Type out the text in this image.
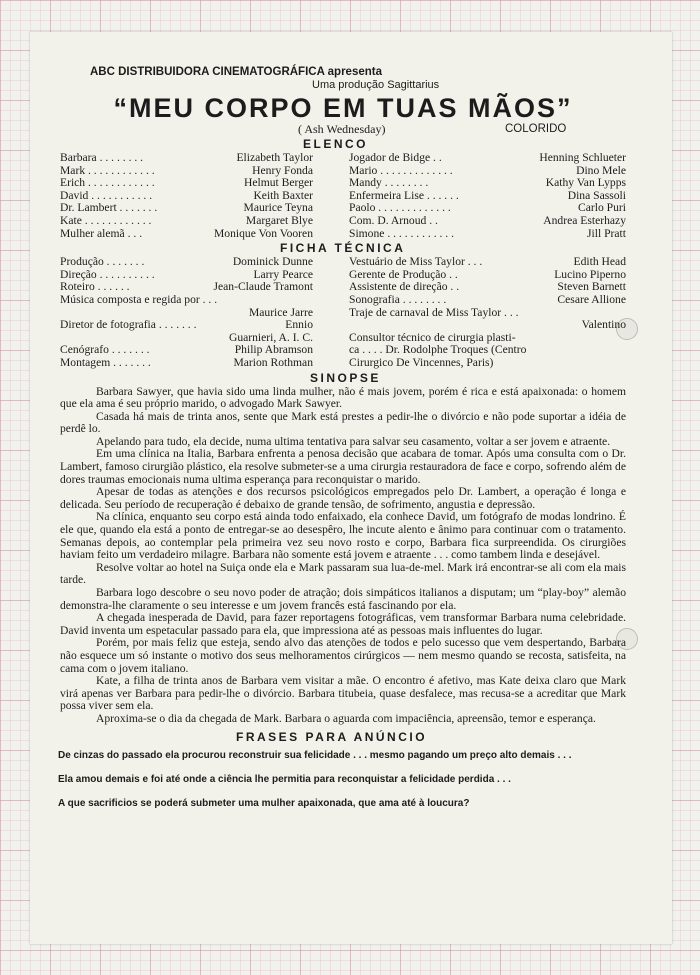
ABC DISTRIBUIDORA CINEMATOGRÁFICA apresenta
Uma produção Sagittarius
“MEU CORPO EM TUAS MÃOS”
( Ash Wednesday)	COLORIDO
ELENCO
Barbara . . . . . . . .	Elizabeth Taylor
Mark . . . . . . . . . . . .	Henry Fonda
Erich . . . . . . . . . . . .	Helmut Berger
David . . . . . . . . . . .	Keith Baxter
Dr. Lambert . . . . . . .	Maurice Teyna
Kate . . . . . . . . . . . .	Margaret Blye
Mulher alemã . . .	Monique Von Vooren
Jogador de Bidge . .	Henning Schlueter
Mario . . . . . . . . . . . . .	Dino Mele
Mandy . . . . . . . .	Kathy Van Lypps
Enfermeira Lise . . . . . .	Dina Sassoli
Paolo . . . . . . . . . . . . .	Carlo Puri
Com. D. Arnoud . .	Andrea Esterhazy
Simone . . . . . . . . . . . .	Jill Pratt
FICHA TÉCNICA
Produção . . . . . . .	Dominick Dunne
Direção . . . . . . . . . .	Larry Pearce
Roteiro . . . . . .	Jean-Claude Tramont
Música composta e regida por . . .
Maurice Jarre
Diretor de fotografia . . . . . . .	Ennio
Guarnieri, A. I. C.
Cenógrafo . . . . . . .	Philip Abramson
Montagem . . . . . . .	Marion Rothman
Vestuário de Miss Taylor . . .	Edith Head
Gerente de Produção . .	Lucino Piperno
Assistente de direção . .	Steven Barnett
Sonografia . . . . . . . .	Cesare Allione
Traje de carnaval de Miss Taylor . . .
Valentino
Consultor técnico de cirurgia plasti-
ca . . . . Dr. Rodolphe Troques (Centro
Cirurgico De Vincennes, Paris)
SINOPSE

Barbara Sawyer, que havia sido uma linda mulher, não é mais jovem, porém é rica e está apaixonada: o homem que ela ama é seu próprio marido, o advogado Mark Sawyer.

Casada há mais de trinta anos, sente que Mark está prestes a pedir-lhe o divórcio e não pode suportar a idéia de perdê lo.

Apelando para tudo, ela decide, numa ultima tentativa para salvar seu casamento, voltar a ser jovem e atraente.

Em uma clínica na Italia, Barbara enfrenta a penosa decisão que acabara de tomar. Após uma consulta com o Dr. Lambert, famoso cirurgião plástico, ela resolve submeter-se a uma cirurgia restauradora de face e corpo, sofrendo além de dores traumas emocionais numa ultima esperança para reconquistar o marido.

Apesar de todas as atenções e dos recursos psicológicos empregados pelo Dr. Lambert, a operação é longa e delicada. Seu período de recuperação é debaixo de grande tensão, de sofrimento, angustia e depressão.

Na clínica, enquanto seu corpo está ainda todo enfaixado, ela conhece David, um fotógrafo de modas londrino. É ele que, quando ela está a ponto de entregar-se ao desespêro, lhe incute alento e ânimo para continuar com o tratamento. Semanas depois, ao contemplar pela primeira vez seu novo rosto e corpo, Barbara fica surpreendida. Os cirurgiões haviam feito um verdadeiro milagre. Barbara não somente está jovem e atraente . . . como tambem linda e desejável.

Resolve voltar ao hotel na Suiça onde ela e Mark passaram sua lua-de-mel. Mark irá encontrar-se ali com ela mais tarde.

Barbara logo descobre o seu novo poder de atração; dois simpáticos italianos a disputam; um “play-boy” alemão demonstra-lhe claramente o seu interesse e um jovem francês está fascinando por ela.

A chegada inesperada de David, para fazer reportagens fotográficas, vem transformar Barbara numa celebridade. David inventa um espetacular passado para ela, que impressiona até as pessoas mais influentes do lugar.

Porém, por mais feliz que esteja, sendo alvo das atenções de todos e pelo sucesso que vem despertando, Barbara não esquece um só instante o motivo dos seus melhoramentos cirúrgicos — nem mesmo quando se recosta, satisfeita, na cama com o jovem italiano.

Kate, a filha de trinta anos de Barbara vem visitar a mãe. O encontro é afetivo, mas Kate deixa claro que Mark virá apenas ver Barbara para pedir-lhe o divórcio. Barbara titubeia, quase desfalece, mas recusa-se a acreditar que Mark possa viver sem ela.

Aproxima-se o dia da chegada de Mark. Barbara o aguarda com impaciência, apreensão, temor e esperança.

FRASES PARA ANÚNCIO
De cinzas do passado ela procurou reconstruir sua felicidade . . . mesmo pagando um preço alto demais . . .
Ela amou demais e foi até onde a ciência lhe permitia para reconquistar a felicidade perdida . . .
A que sacrificios se poderá submeter uma mulher apaixonada, que ama até à loucura?
